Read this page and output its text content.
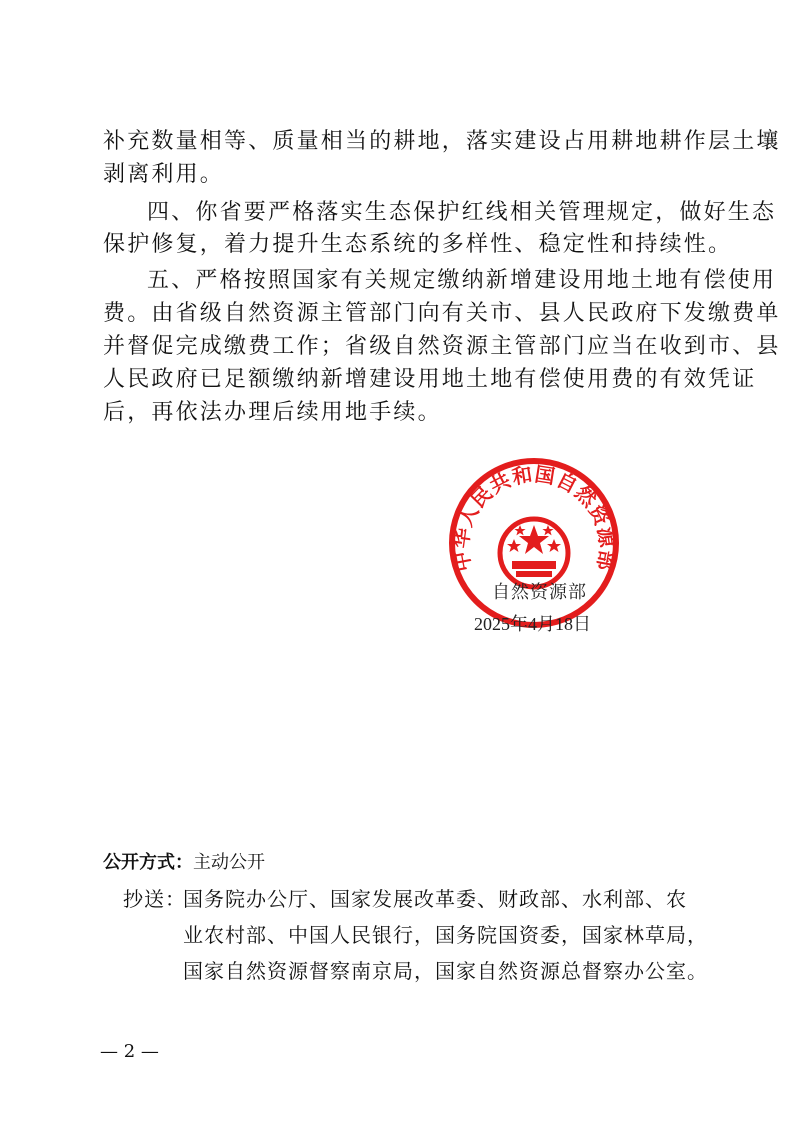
补充数量相等、质量相当的耕地，落实建设占用耕地耕作层土壤
剥离利用。
四、你省要严格落实生态保护红线相关管理规定，做好生态
保护修复，着力提升生态系统的多样性、稳定性和持续性。
五、严格按照国家有关规定缴纳新增建设用地土地有偿使用
费。由省级自然资源主管部门向有关市、县人民政府下发缴费单
并督促完成缴费工作；省级自然资源主管部门应当在收到市、县
人民政府已足额缴纳新增建设用地土地有偿使用费的有效凭证
后，再依法办理后续用地手续。
中华人民共和国自然资源部
自然资源部
2025年4月18日
公开方式：主动公开
抄送：
国务院办公厅、国家发展改革委、财政部、水利部、农
业农村部、中国人民银行，国务院国资委，国家林草局，
国家自然资源督察南京局，国家自然资源总督察办公室。
— 2 —
